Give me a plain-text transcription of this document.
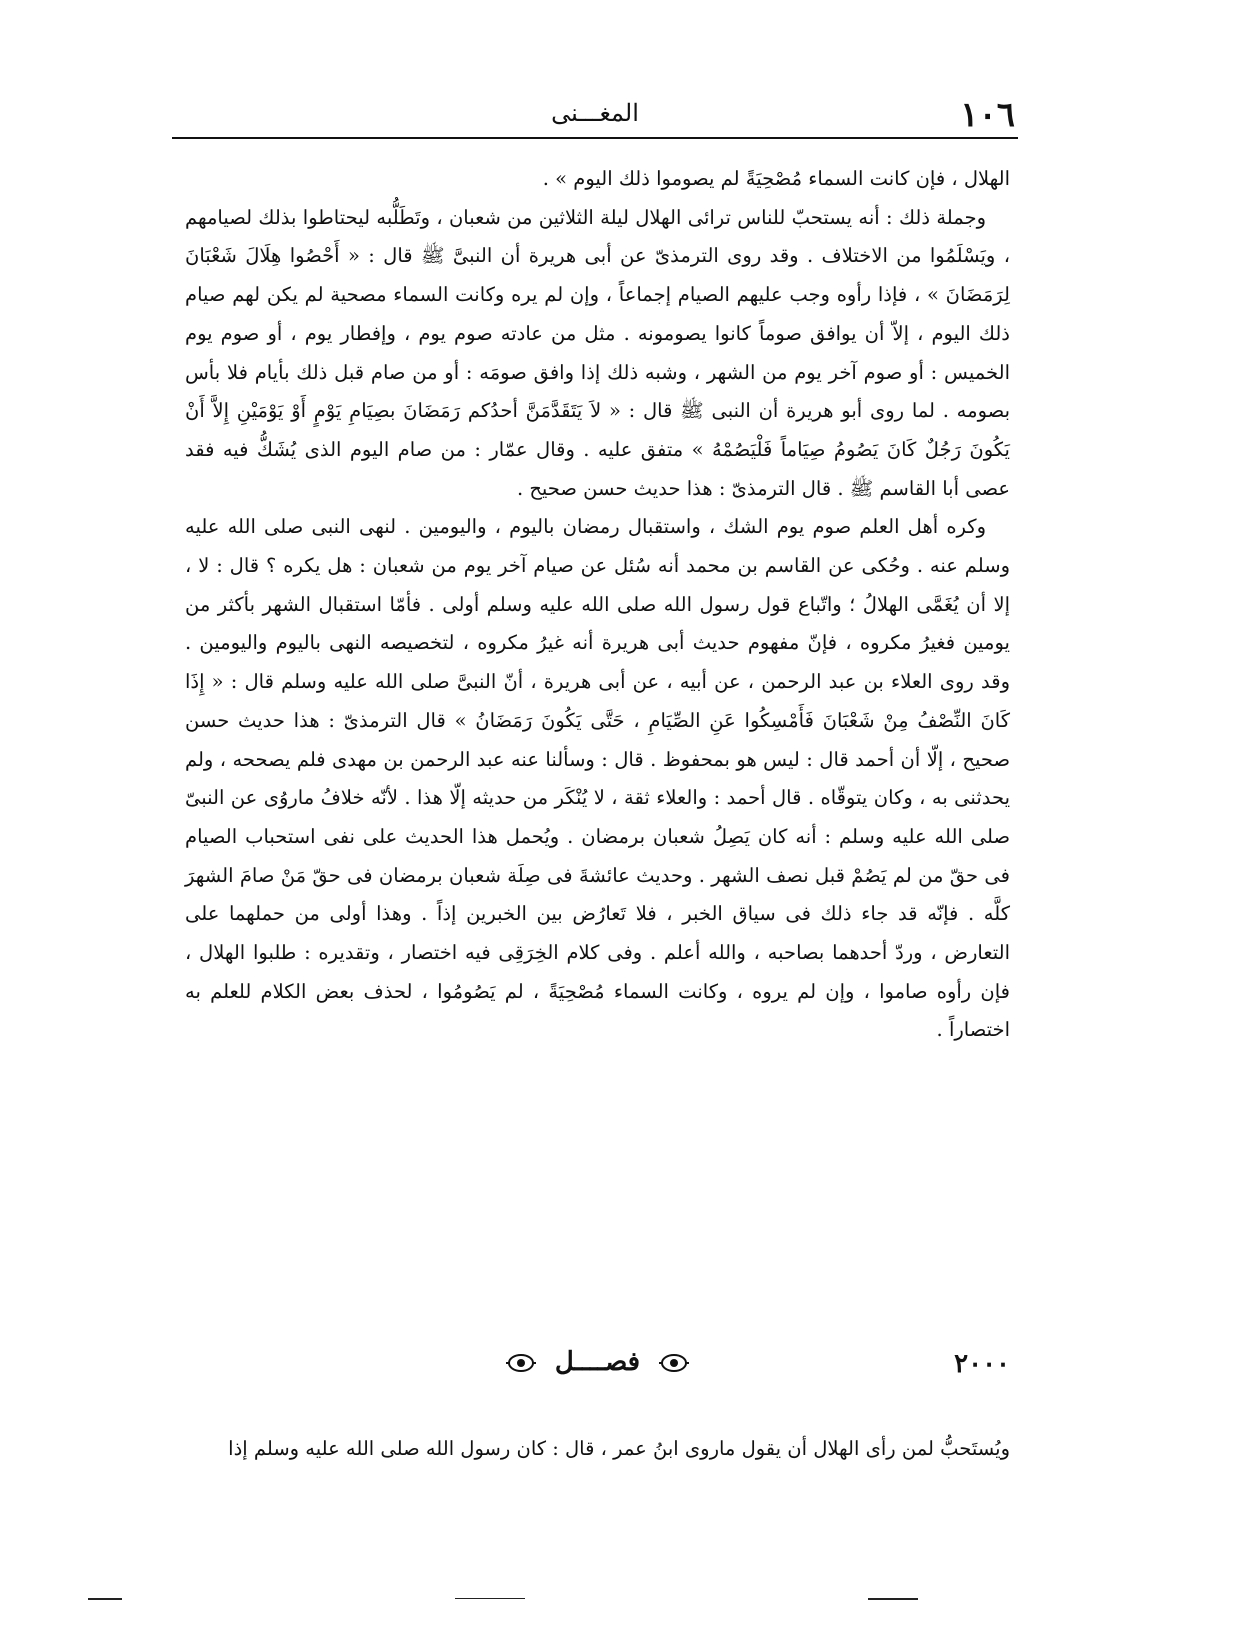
١٠٦
المغـــنى

الهلال ، فإن كانت السماء مُصْحِيَةً لم يصوموا ذلك اليوم » .

وجملة ذلك : أنه يستحبّ للناس ترائى الهلال ليلة الثلاثين من شعبان ، وتَطَلُّبه ليحتاطوا بذلك لصيامهم ، ويَسْلَمُوا من الاختلاف . وقد روى الترمذىّ عن أبى هريرة أن النبىَّ ﷺ قال : « أَحْصُوا هِلَالَ شَعْبَانَ لِرَمَضَانَ » ، فإذا رأوه وجب عليهم الصيام إجماعاً ، وإن لم يره وكانت السماء مصحية لم يكن لهم صيام ذلك اليوم ، إلاّ أن يوافق صوماً كانوا يصومونه . مثل من عادته صوم يوم ، وإفطار يوم ، أو صوم يوم الخميس : أو صوم آخر يوم من الشهر ، وشبه ذلك إذا وافق صومَه : أو من صام قبل ذلك بأيام فلا بأس بصومه . لما روى أبو هريرة أن النبى ﷺ قال : « لاَ يَتَقَدَّمَنَّ أحدُكم رَمَضَانَ بصِيَامِ يَوْمٍ أَوْ يَوْمَيْنِ إِلاَّ أَنْ يَكُونَ رَجُلٌ كَانَ يَصُومُ صِيَاماً فَلْيَصُمْهُ » متفق عليه . وقال عمّار : من صام اليوم الذى يُشَكُّ فيه فقد عصى أبا القاسم ﷺ . قال الترمذىّ : هذا حديث حسن صحيح .

وكره أهل العلم صوم يوم الشك ، واستقبال رمضان باليوم ، واليومين . لنهى النبى صلى الله عليه وسلم عنه . وحُكى عن القاسم بن محمد أنه سُئل عن صيام آخر يوم من شعبان : هل يكره ؟ قال : لا ، إلا أن يُغَمَّى الهلالُ ؛ واتّباع قول رسول الله صلى الله عليه وسلم أولى . فأمّا استقبال الشهر بأكثر من يومين فغيرُ مكروه ، فإنّ مفهوم حديث أبى هريرة أنه غيرُ مكروه ، لتخصيصه النهى باليوم واليومين . وقد روى العلاء بن عبد الرحمن ، عن أبيه ، عن أبى هريرة ، أنّ النبىَّ صلى الله عليه وسلم قال : « إِذَا كَانَ النِّصْفُ مِنْ شَعْبَانَ فَأَمْسِكُوا عَنِ الصِّيَامِ ، حَتَّى يَكُونَ رَمَضَانُ » قال الترمذىّ : هذا حديث حسن صحيح ، إلّا أن أحمد قال : ليس هو بمحفوظ . قال : وسألنا عنه عبد الرحمن بن مهدى فلم يصححه ، ولم يحدثنى به ، وكان يتوقّاه . قال أحمد : والعلاء ثقة ، لا يُنْكَر من حديثه إلّا هذا . لأنّه خلافُ ماروُى عن النبىّ صلى الله عليه وسلم : أنه كان يَصِلُ شعبان برمضان . ويُحمل هذا الحديث على نفى استحباب الصيام فى حقّ من لم يَصُمْ قبل نصف الشهر . وحديث عائشةَ فى صِلَة شعبان برمضان فى حقّ مَنْ صامَ الشهرَ كلَّه . فإنّه قد جاء ذلك فى سياق الخبر ، فلا تَعارُض بين الخبرين إذاً . وهذا أولى من حملهما على التعارض ، وردّ أحدهما بصاحبه ، والله أعلم . وفى كلام الخِرَقِى فيه اختصار ، وتقديره : طلبوا الهلال ، فإن رأوه صاموا ، وإن لم يروه ، وكانت السماء مُصْحِيَةً ، لم يَصُومُوا ، لحذف بعض الكلام للعلم به اختصاراً .

٢٠٠٠
فصــــل
ويُستَحبُّ لمن رأى الهلال أن يقول ماروى ابنُ عمر ، قال : كان رسول الله صلى الله عليه وسلم إذا
